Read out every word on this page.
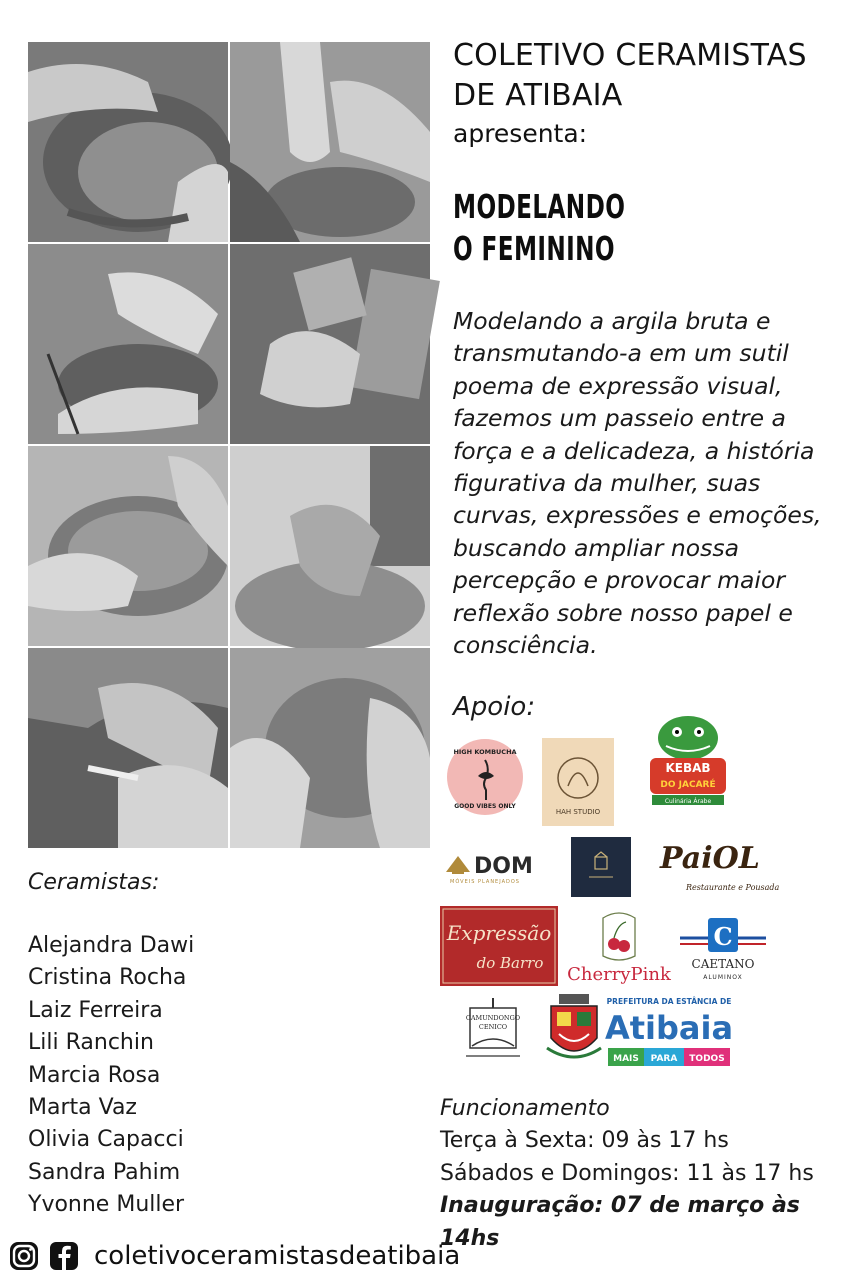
COLETIVO CERAMISTAS DE ATIBAIA
apresenta:
MODELANDO
O FEMININO
Modelando a argila bruta e transmutando-a em um sutil poema de expressão visual, fazemos um passeio entre a força e a delicadeza, a história figurativa da mulher, suas curvas, expressões e emoções, buscando ampliar nossa percepção e provocar maior reflexão sobre nosso papel e consciência.
Apoio:
HIGH KOMBUCHA
GOOD VIBES ONLY
HAH STUDIO
KEBAB
DO JACARÉ
Culinária Árabe
DOM
MÓVEIS PLANEJADOS
PaiOL
Restaurante e Pousada
Expressão
do Barro
CherryPink
C
CAETANO
ALUMINOX
CAMUNDONGO
CENICO
PREFEITURA DA ESTÂNCIA DE
Atibaia
MAIS PARA TODOS
Ceramistas:
Alejandra Dawi
Cristina Rocha
Laiz Ferreira
Lili Ranchin
Marcia Rosa
Marta Vaz
Olivia Capacci
Sandra Pahim
Yvonne Muller
Funcionamento
Terça à Sexta: 09 às 17 hs
Sábados e Domingos: 11 às 17 hs
Inauguração: 07 de março às 14hs
coletivoceramistasdeatibaia
